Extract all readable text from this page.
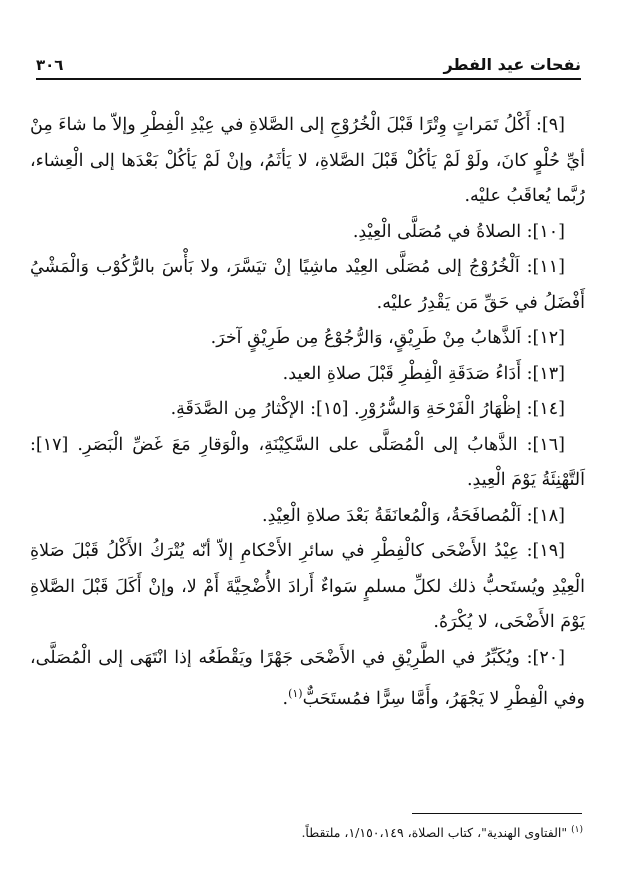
نفحات عيد الفطر
٣٠٦

[٩]: أَكْلُ تَمَراتٍ وِتْرًا قَبْلَ الْخُرُوْجِ إلى الصَّلاةِ في عِيْدِ الْفِطْرِ وإلاّ ما شاءَ مِنْ أيِّ حُلْوٍ كانَ، ولَوْ لَمْ يَأكُلْ قَبْلَ الصَّلاةِ، لا يَأثَمُ، وإنْ لَمْ يَأكُلْ بَعْدَها إلى الْعِشاء، رُبَّما يُعاقَبُ عليْه.

[١٠]: الصلاةُ في مُصَلَّى الْعِيْدِ.

[١١]: اَلْخُرُوْجُ إلى مُصَلَّى العِيْد ماشِيًا إنْ تيَسَّرَ، ولا بَأْسَ بالرُّكُوْب وَالْمَشْيُ أَفْضَلُ في حَقِّ مَن يَقْدِرُ عليْه.

[١٢]: اَلذَّهابُ مِنْ طَرِيْقٍ، وَالرُّجُوْعُ مِن طَرِيْقٍ آخرَ.

[١٣]: أَدَاءُ صَدَقَةِ الْفِطْرِ قَبْلَ صلاةِ العيد.

[١٤]: إظْهَارُ الْفَرْحَةِ وَالسُّرُوْرِ. [١٥]: الإكْثارُ مِن الصَّدَقَةِ.

[١٦]: الذَّهابُ إلى الْمُصَلَّى على السَّكِيْنَةِ، والْوَقارِ مَعَ غَضِّ الْبَصَرِ. [١٧]: اَلتَّهْنِئَةُ يَوْمَ الْعِيدِ.

[١٨]: اَلْمُصافَحَةُ، وَالْمُعانَقَةُ بَعْدَ صلاةِ الْعِيْدِ.

[١٩]: عِيْدُ الأَضْحَى كالْفِطْرِ في سائرِ الأَحْكامِ إلاّ أنّه يُتْرَكُ الأَكْلُ قَبْلَ صَلاةِ الْعِيْدِ ويُستَحبُّ ذلك لكلِّ مسلمٍ سَواءٌ أَرادَ الأُضْحِيَّةَ أَمْ لا، وإنْ أَكَلَ قَبْلَ الصَّلاةِ يَوْمَ الأَضْحَى، لا يُكْرَهُ.

[٢٠]: ويُكَبِّرُ في الطَّرِيْقِ في الأَضْحَى جَهْرًا ويَقْطَعُه إذا انْتَهَى إلى الْمُصَلَّى، وفي الْفِطْرِ لا يَجْهَرُ، وأَمَّا سِرًّا فمُستَحَبٌّ$^{(١)}$.

$^{(١)}$ "الفتاوى الهندية"، كتاب الصلاة، ١/١٥٠،١٤٩، ملتقطاً.
